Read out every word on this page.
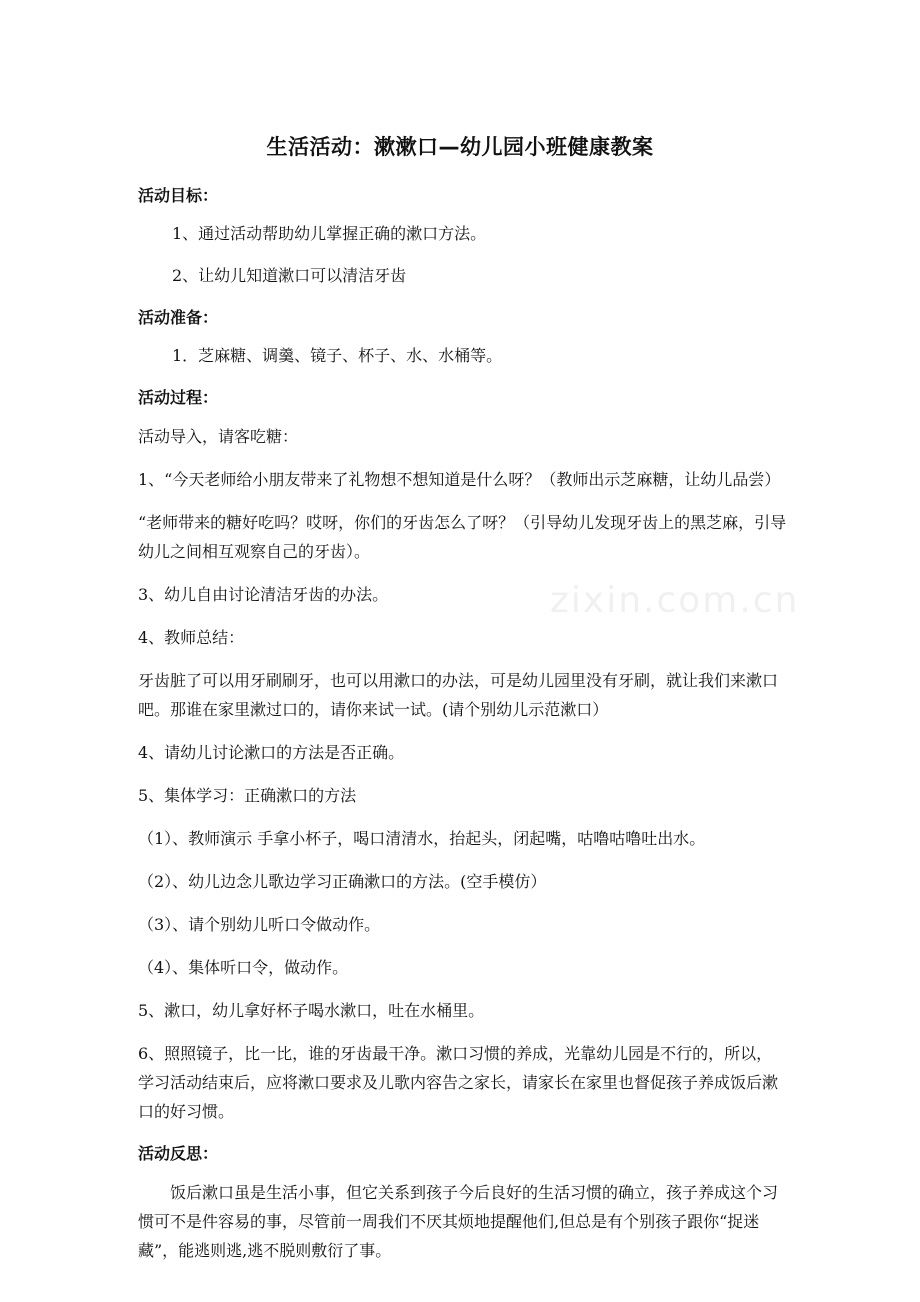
zixin.com.cn
生活活动：漱漱口—幼儿园小班健康教案
活动目标：
1、通过活动帮助幼儿掌握正确的漱口方法。
2、让幼儿知道漱口可以清洁牙齿
活动准备：
1．芝麻糖、调羹、镜子、杯子、水、水桶等。
活动过程：
活动导入，请客吃糖：
1、“今天老师给小朋友带来了礼物想不想知道是什么呀？（教师出示芝麻糖，让幼儿品尝）
“老师带来的糖好吃吗？哎呀，你们的牙齿怎么了呀？（引导幼儿发现牙齿上的黑芝麻，引导幼儿之间相互观察自己的牙齿）。
3、幼儿自由讨论清洁牙齿的办法。
4、教师总结：
牙齿脏了可以用牙刷刷牙，也可以用漱口的办法，可是幼儿园里没有牙刷，就让我们来漱口吧。那谁在家里漱过口的，请你来试一试。(请个别幼儿示范漱口）
4、请幼儿讨论漱口的方法是否正确。
5、集体学习：正确漱口的方法
（1）、教师演示 手拿小杯子，喝口清清水，抬起头，闭起嘴，咕噜咕噜吐出水。
（2）、幼儿边念儿歌边学习正确漱口的方法。(空手模仿）
（3）、请个别幼儿听口令做动作。
（4）、集体听口令，做动作。
5、漱口，幼儿拿好杯子喝水漱口，吐在水桶里。
6、照照镜子，比一比，谁的牙齿最干净。漱口习惯的养成，光靠幼儿园是不行的，所以，学习活动结束后，应将漱口要求及儿歌内容告之家长，请家长在家里也督促孩子养成饭后漱口的好习惯。
活动反思：
饭后漱口虽是生活小事，但它关系到孩子今后良好的生活习惯的确立，孩子养成这个习惯可不是件容易的事，尽管前一周我们不厌其烦地提醒他们,但总是有个别孩子跟你“捉迷藏”，能逃则逃,逃不脱则敷衍了事。
